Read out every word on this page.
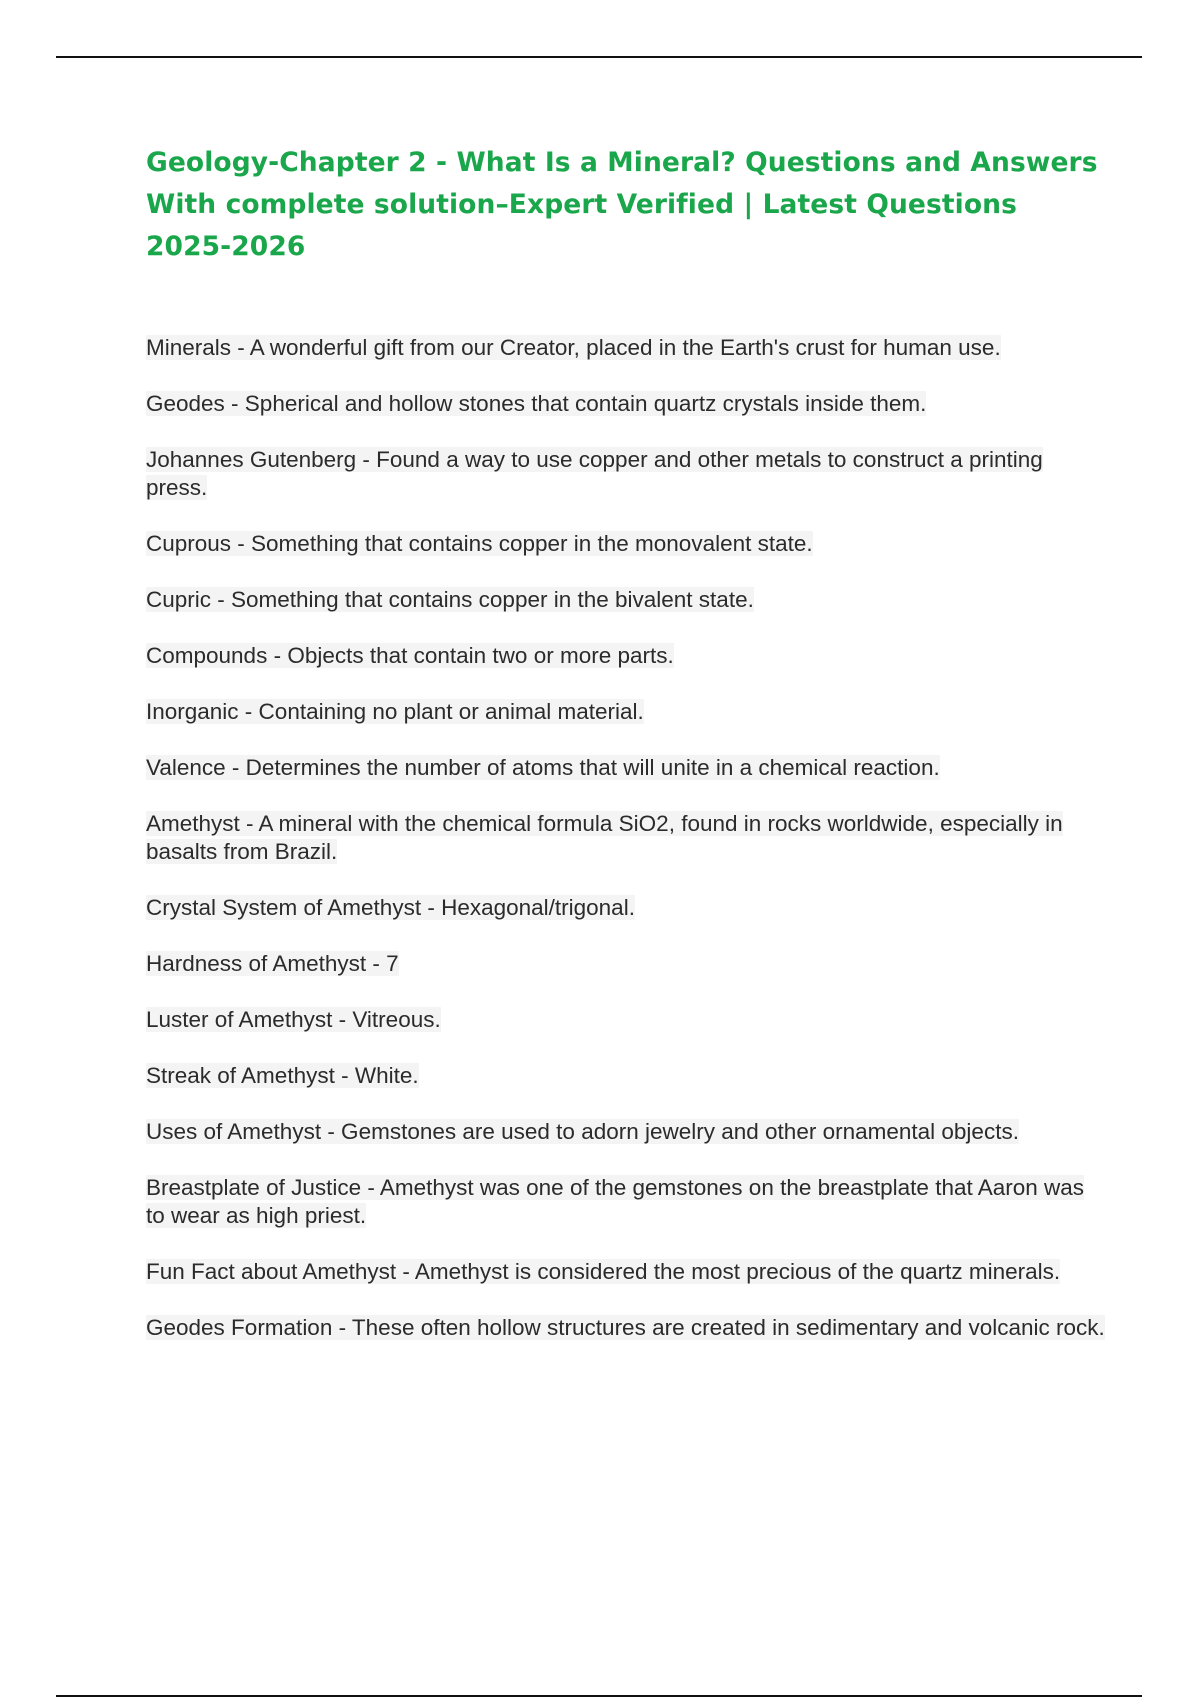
Geology-Chapter 2 - What Is a Mineral? Questions and Answers With complete solution–Expert Verified | Latest Questions 2025-2026
Minerals - A wonderful gift from our Creator, placed in the Earth's crust for human use.
Geodes - Spherical and hollow stones that contain quartz crystals inside them.
Johannes Gutenberg - Found a way to use copper and other metals to construct a printing press.
Cuprous - Something that contains copper in the monovalent state.
Cupric - Something that contains copper in the bivalent state.
Compounds - Objects that contain two or more parts.
Inorganic - Containing no plant or animal material.
Valence - Determines the number of atoms that will unite in a chemical reaction.
Amethyst - A mineral with the chemical formula SiO2, found in rocks worldwide, especially in basalts from Brazil.
Crystal System of Amethyst - Hexagonal/trigonal.
Hardness of Amethyst - 7
Luster of Amethyst - Vitreous.
Streak of Amethyst - White.
Uses of Amethyst - Gemstones are used to adorn jewelry and other ornamental objects.
Breastplate of Justice - Amethyst was one of the gemstones on the breastplate that Aaron was to wear as high priest.
Fun Fact about Amethyst - Amethyst is considered the most precious of the quartz minerals.
Geodes Formation - These often hollow structures are created in sedimentary and volcanic rock.
